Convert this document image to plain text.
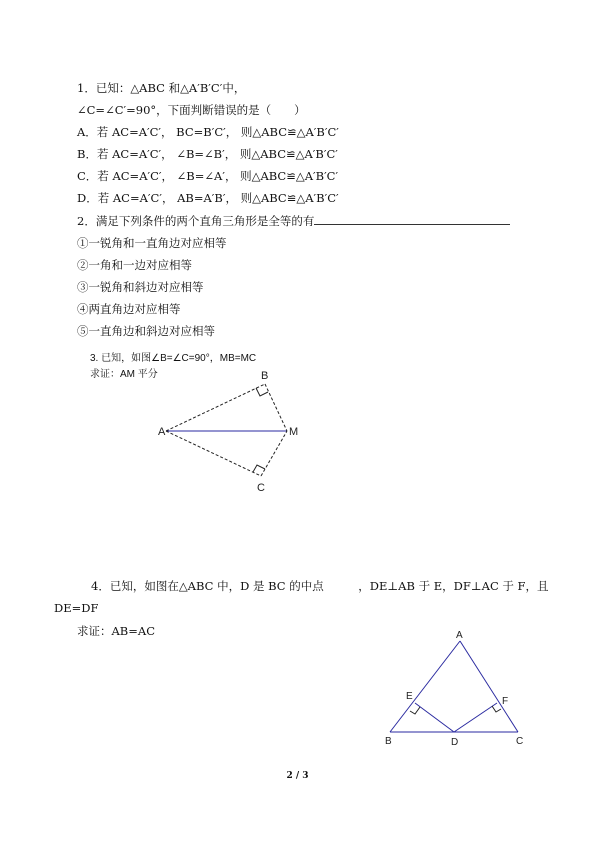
1．已知：△ABC 和△A′B′C′中，
∠C=∠C′=90°，下面判断错误的是（　　）
A．若 AC=A′C′， BC=B′C′， 则△ABC≌△A′B′C′
B．若 AC=A′C′， ∠B=∠B′， 则△ABC≌△A′B′C′
C．若 AC=A′C′， ∠B=∠A′， 则△ABC≌△A′B′C′
D．若 AC=A′C′， AB=A′B′， 则△ABC≌△A′B′C′
2．满足下列条件的两个直角三角形是全等的有
①一锐角和一直角边对应相等
②一角和一边对应相等
③一锐角和斜边对应相等
④两直角边对应相等
⑤一直角边和斜边对应相等
3. 已知，如图∠B=∠C=90°，MB=MC
求证：AM 平分
A
B
M
C
4．已知，如图在△ABC 中，D 是 BC 的中点　　　，DE⊥AB 于 E，DF⊥AC 于 F，且
DE=DF
求证：AB=AC	A
B	C
D
E	F
2 / 3
